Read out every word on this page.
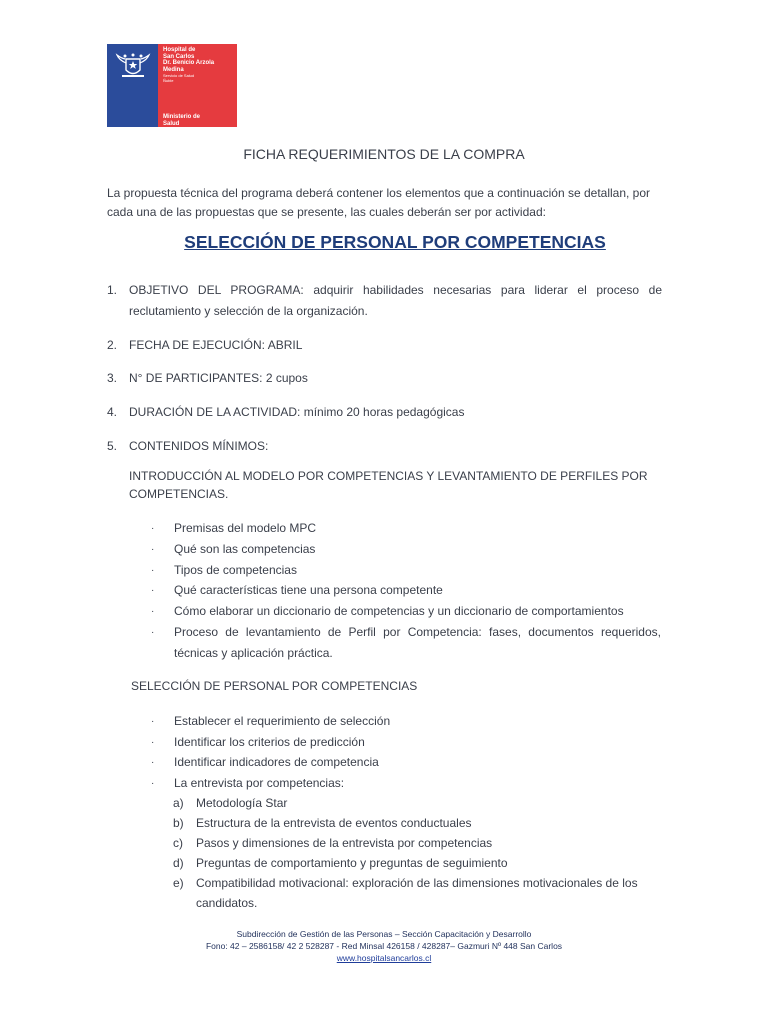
Hospital de
San Carlos
Dr. Benicio Arzola
Medina
Servicio de Salud
Ñuble
Ministerio de
Salud
FICHA REQUERIMIENTOS DE LA COMPRA
La propuesta técnica del programa deberá contener los elementos que a continuación se detallan, por cada una de las propuestas que se presente, las cuales deberán ser por actividad:
SELECCIÓN DE PERSONAL POR COMPETENCIAS
1. OBJETIVO DEL PROGRAMA: adquirir habilidades necesarias para liderar el proceso de reclutamiento y selección de la organización.
2. FECHA DE EJECUCIÓN: ABRIL
3. N° DE PARTICIPANTES: 2 cupos
4. DURACIÓN DE LA ACTIVIDAD: mínimo 20 horas pedagógicas
5. CONTENIDOS MÍNIMOS:
INTRODUCCIÓN AL MODELO POR COMPETENCIAS Y LEVANTAMIENTO DE PERFILES POR COMPETENCIAS.
· Premisas del modelo MPC
· Qué son las competencias
· Tipos de competencias
· Qué características tiene una persona competente
· Cómo elaborar un diccionario de competencias y un diccionario de comportamientos
· Proceso de levantamiento de Perfil por Competencia: fases, documentos requeridos, técnicas y aplicación práctica.
SELECCIÓN DE PERSONAL POR COMPETENCIAS
· Establecer el requerimiento de selección
· Identificar los criterios de predicción
· Identificar indicadores de competencia
· La entrevista por competencias:
a) Metodología Star
b) Estructura de la entrevista de eventos conductuales
c) Pasos y dimensiones de la entrevista por competencias
d) Preguntas de comportamiento y preguntas de seguimiento
e) Compatibilidad motivacional: exploración de las dimensiones motivacionales de los candidatos.
Subdirección de Gestión de las Personas – Sección Capacitación y Desarrollo
Fono: 42 – 2586158/ 42 2 528287 - Red Minsal 426158 / 428287– Gazmuri Nº 448 San Carlos
www.hospitalsancarlos.cl
